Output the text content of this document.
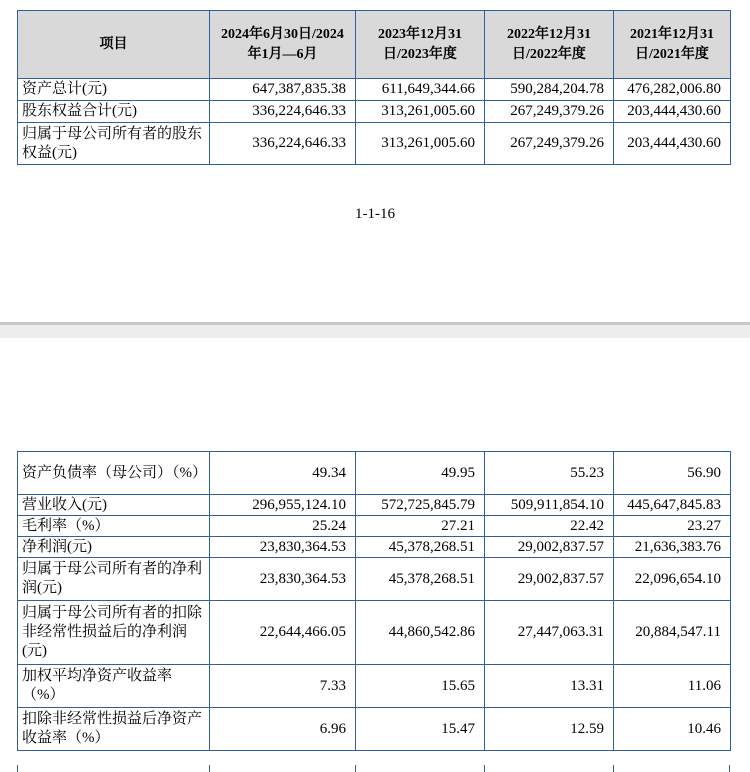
项目	2024年6月30日/2024年1月—6月	2023年12月31日/2023年度	2022年12月31日/2022年度	2021年12月31日/2021年度
资产总计(元)	647,387,835.38	611,649,344.66	590,284,204.78	476,282,006.80
股东权益合计(元)	336,224,646.33	313,261,005.60	267,249,379.26	203,444,430.60
归属于母公司所有者的股东权益(元)	336,224,646.33	313,261,005.60	267,249,379.26	203,444,430.60
1-1-16
资产负债率（母公司）（%）	49.34	49.95	55.23	56.90
营业收入(元)	296,955,124.10	572,725,845.79	509,911,854.10	445,647,845.83
毛利率（%）	25.24	27.21	22.42	23.27
净利润(元)	23,830,364.53	45,378,268.51	29,002,837.57	21,636,383.76
归属于母公司所有者的净利润(元)	23,830,364.53	45,378,268.51	29,002,837.57	22,096,654.10
归属于母公司所有者的扣除非经常性损益后的净利润(元)	22,644,466.05	44,860,542.86	27,447,063.31	20,884,547.11
加权平均净资产收益率（%）	7.33	15.65	13.31	11.06
扣除非经常性损益后净资产收益率（%）	6.96	15.47	12.59	10.46
